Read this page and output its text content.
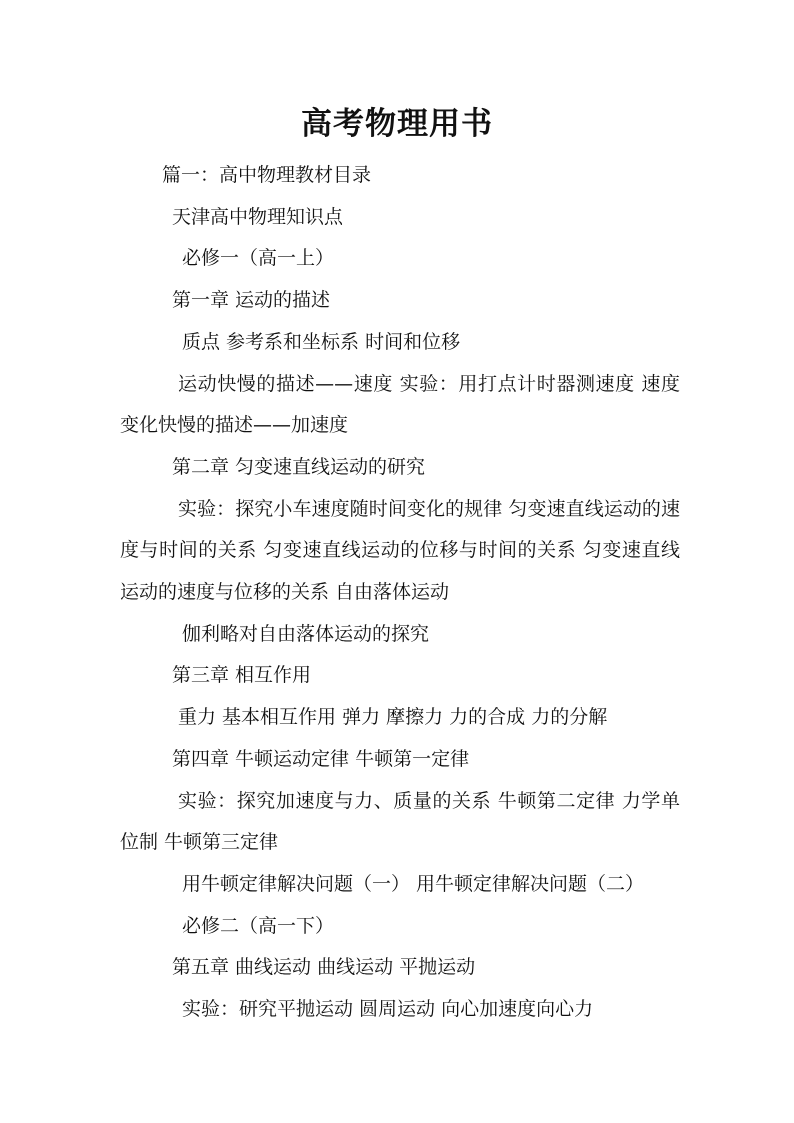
高考物理用书

篇一：高中物理教材目录

天津高中物理知识点

必修一（高一上）

第一章 运动的描述

质点 参考系和坐标系 时间和位移

运动快慢的描述——速度 实验：用打点计时器测速度 速度变化快慢的描述——加速度

第二章 匀变速直线运动的研究

实验：探究小车速度随时间变化的规律 匀变速直线运动的速度与时间的关系 匀变速直线运动的位移与时间的关系 匀变速直线运动的速度与位移的关系 自由落体运动

伽利略对自由落体运动的探究

第三章 相互作用

重力 基本相互作用 弹力 摩擦力 力的合成 力的分解

第四章 牛顿运动定律 牛顿第一定律

实验：探究加速度与力、质量的关系 牛顿第二定律 力学单位制 牛顿第三定律

用牛顿定律解决问题（一） 用牛顿定律解决问题（二）

必修二（高一下）

第五章 曲线运动 曲线运动 平抛运动

实验：研究平抛运动 圆周运动 向心加速度向心力
